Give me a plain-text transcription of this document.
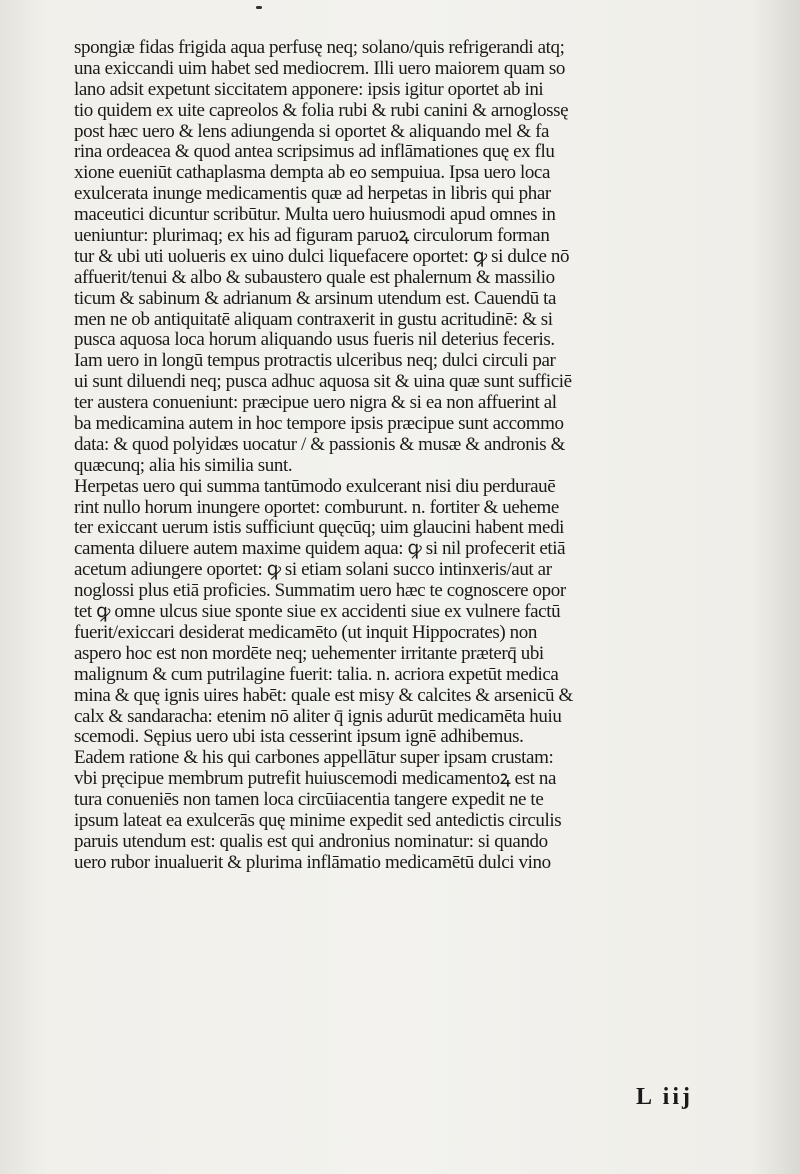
spongiæ fidas frigida aqua perfusę neq; solano/quis refrigerandi atq;
una exiccandi uim habet sed mediocrem. Illi uero maiorem quam so
lano adsit expetunt siccitatem apponere: ipsis igitur oportet ab ini
tio quidem ex uite capreolos & folia rubi & rubi canini & arnoglossę
post hæc uero & lens adiungenda si oportet & aliquando mel & fa
rina ordeacea & quod antea scripsimus ad inflāmationes quę ex flu
xione eueniūt cathaplasma dempta ab eo sempuiua. Ipsa uero loca
exulcerata inunge medicamentis quæ ad herpetas in libris qui phar
maceutici dicuntur scribūtur. Multa uero huiusmodi apud omnes in
ueniuntur: plurimaq; ex his ad figuram paruoꝝ circulorum forman
tur & ubi uti uolueris ex uino dulci liquefacere oportet: ꝙ si dulce nō
affuerit/tenui & albo & subaustero quale est phalernum & massilio
ticum & sabinum & adrianum & arsinum utendum est. Cauendū ta
men ne ob antiquitatē aliquam contraxerit in gustu acritudinē: & si
pusca aquosa loca horum aliquando usus fueris nil deterius feceris.
Iam uero in longū tempus protractis ulceribus neq; dulci circuli par
ui sunt diluendi neq; pusca adhuc aquosa sit & uina quæ sunt sufficiē
ter austera conueniunt: præcipue uero nigra & si ea non affuerint al
ba medicamina autem in hoc tempore ipsis præcipue sunt accommo
data: & quod polyidæs uocatur / & passionis & musæ & andronis &
quæcunq; alia his similia sunt.
Herpetas uero qui summa tantūmodo exulcerant nisi diu perdurauē
rint nullo horum inungere oportet: comburunt. n. fortiter & ueheme
ter exiccant uerum istis sufficiunt quęcūq; uim glaucini habent medi
camenta diluere autem maxime quidem aqua: ꝙ si nil profecerit etiā
acetum adiungere oportet: ꝙ si etiam solani succo intinxeris/aut ar
noglossi plus etiā proficies. Summatim uero hæc te cognoscere opor
tet ꝙ omne ulcus siue sponte siue ex accidenti siue ex vulnere factū
fuerit/exiccari desiderat medicamēto (ut inquit Hippocrates) non
aspero hoc est non mordēte neq; uehementer irritante præterq̄ ubi
malignum & cum putrilagine fuerit: talia. n. acriora expetūt medica
mina & quę ignis uires habēt: quale est misy & calcites & arsenicū &
calx & sandaracha: etenim nō aliter q̄ ignis adurūt medicamēta huiu
scemodi. Sępius uero ubi ista cesserint ipsum ignē adhibemus.
Eadem ratione & his qui carbones appellātur super ipsam crustam:
vbi pręcipue membrum putrefit huiuscemodi medicamentoꝝ est na
tura conueniēs non tamen loca circūiacentia tangere expedit ne te
ipsum lateat ea exulcerās quę minime expedit sed antedictis circulis
paruis utendum est: qualis est qui andronius nominatur: si quando
uero rubor inualuerit & plurima inflāmatio medicamētū dulci vino
L iij
